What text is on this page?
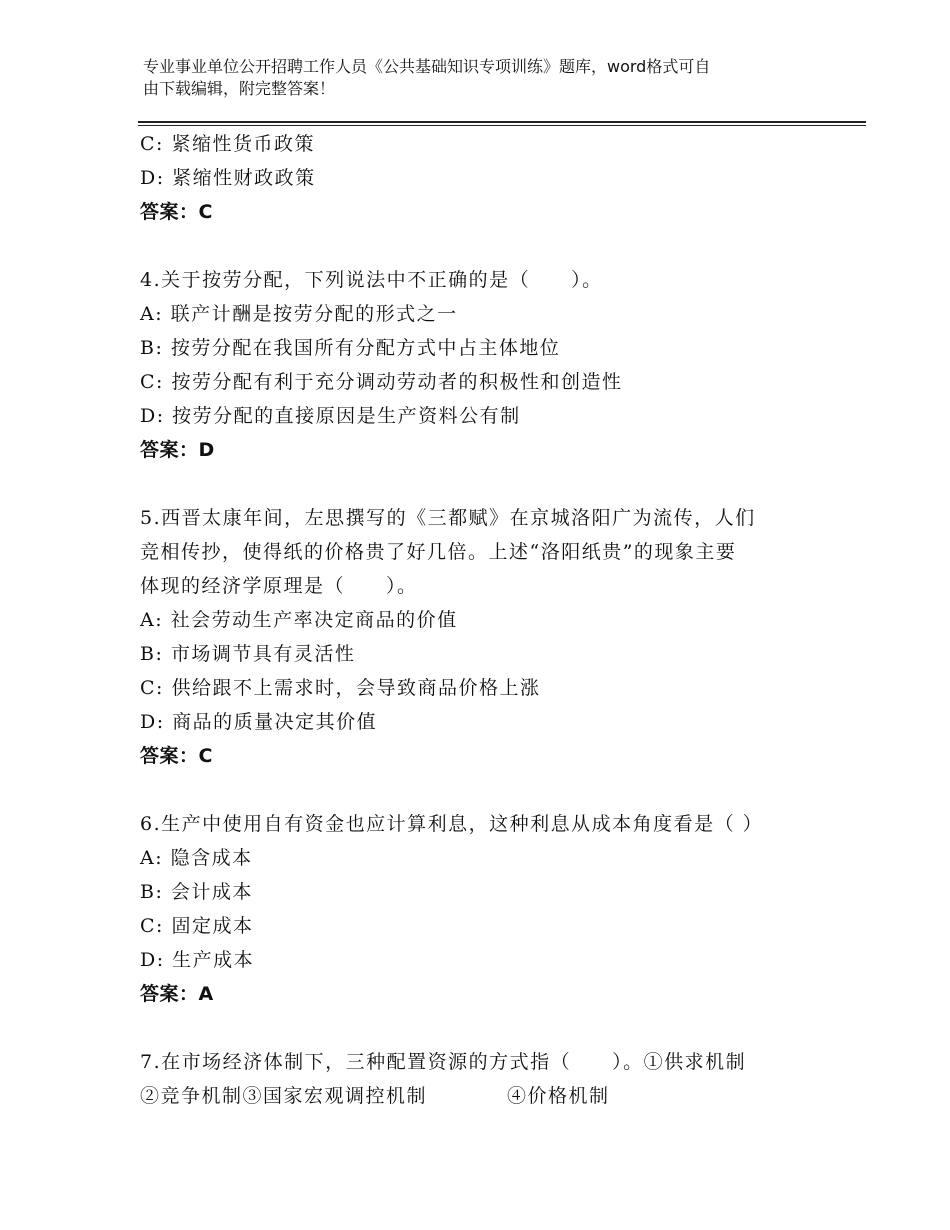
专业事业单位公开招聘工作人员《公共基础知识专项训练》题库，word格式可自
由下载编辑，附完整答案！
C: 紧缩性货币政策
D: 紧缩性财政政策
答案：C
4.关于按劳分配，下列说法中不正确的是（　　）。
A: 联产计酬是按劳分配的形式之一
B: 按劳分配在我国所有分配方式中占主体地位
C: 按劳分配有利于充分调动劳动者的积极性和创造性
D: 按劳分配的直接原因是生产资料公有制
答案：D
5.西晋太康年间，左思撰写的《三都赋》在京城洛阳广为流传，人们
竞相传抄，使得纸的价格贵了好几倍。上述“洛阳纸贵”的现象主要
体现的经济学原理是（　　）。
A: 社会劳动生产率决定商品的价值
B: 市场调节具有灵活性
C: 供给跟不上需求时，会导致商品价格上涨
D: 商品的质量决定其价值
答案：C
6.生产中使用自有资金也应计算利息，这种利息从成本角度看是（ ）
A: 隐含成本
B: 会计成本
C: 固定成本
D: 生产成本
答案：A
7.在市场经济体制下，三种配置资源的方式指（　　）。①供求机制
②竞争机制③国家宏观调控机制	④价格机制
